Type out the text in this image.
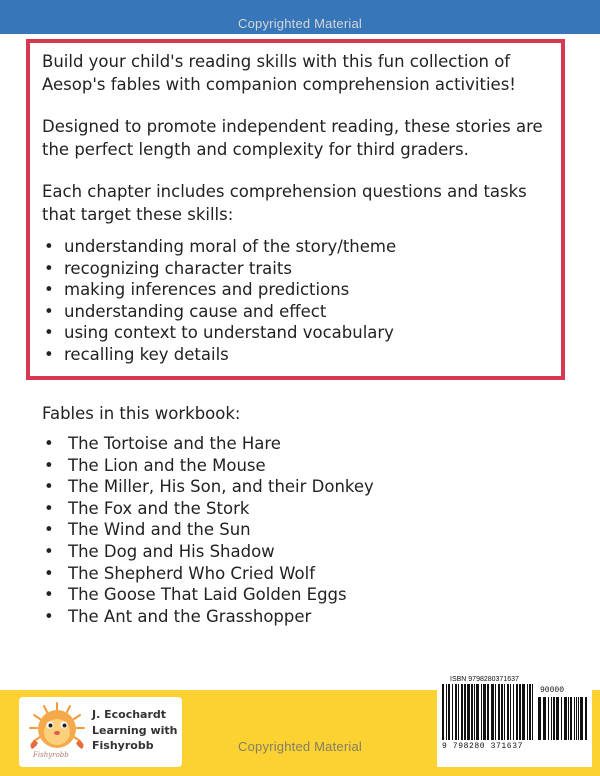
Copyrighted Material

Build your child's reading skills with this fun collection of Aesop's fables with companion comprehension activities!

Designed to promote independent reading, these stories are the perfect length and complexity for third graders.

Each chapter includes comprehension questions and tasks that target these skills:

• understanding moral of the story/theme
• recognizing character traits
• making inferences and predictions
• understanding cause and effect
• using context to understand vocabulary
• recalling key details

Fables in this workbook:

• The Tortoise and the Hare
• The Lion and the Mouse
• The Miller, His Son, and their Donkey
• The Fox and the Stork
• The Wind and the Sun
• The Dog and His Shadow
• The Shepherd Who Cried Wolf
• The Goose That Laid Golden Eggs
• The Ant and the Grasshopper
Fishyrobb
J. Ecochardt
Learning with
Fishyrobb
ISBN 9798280371637
90000
9 798280 371637
Copyrighted Material
